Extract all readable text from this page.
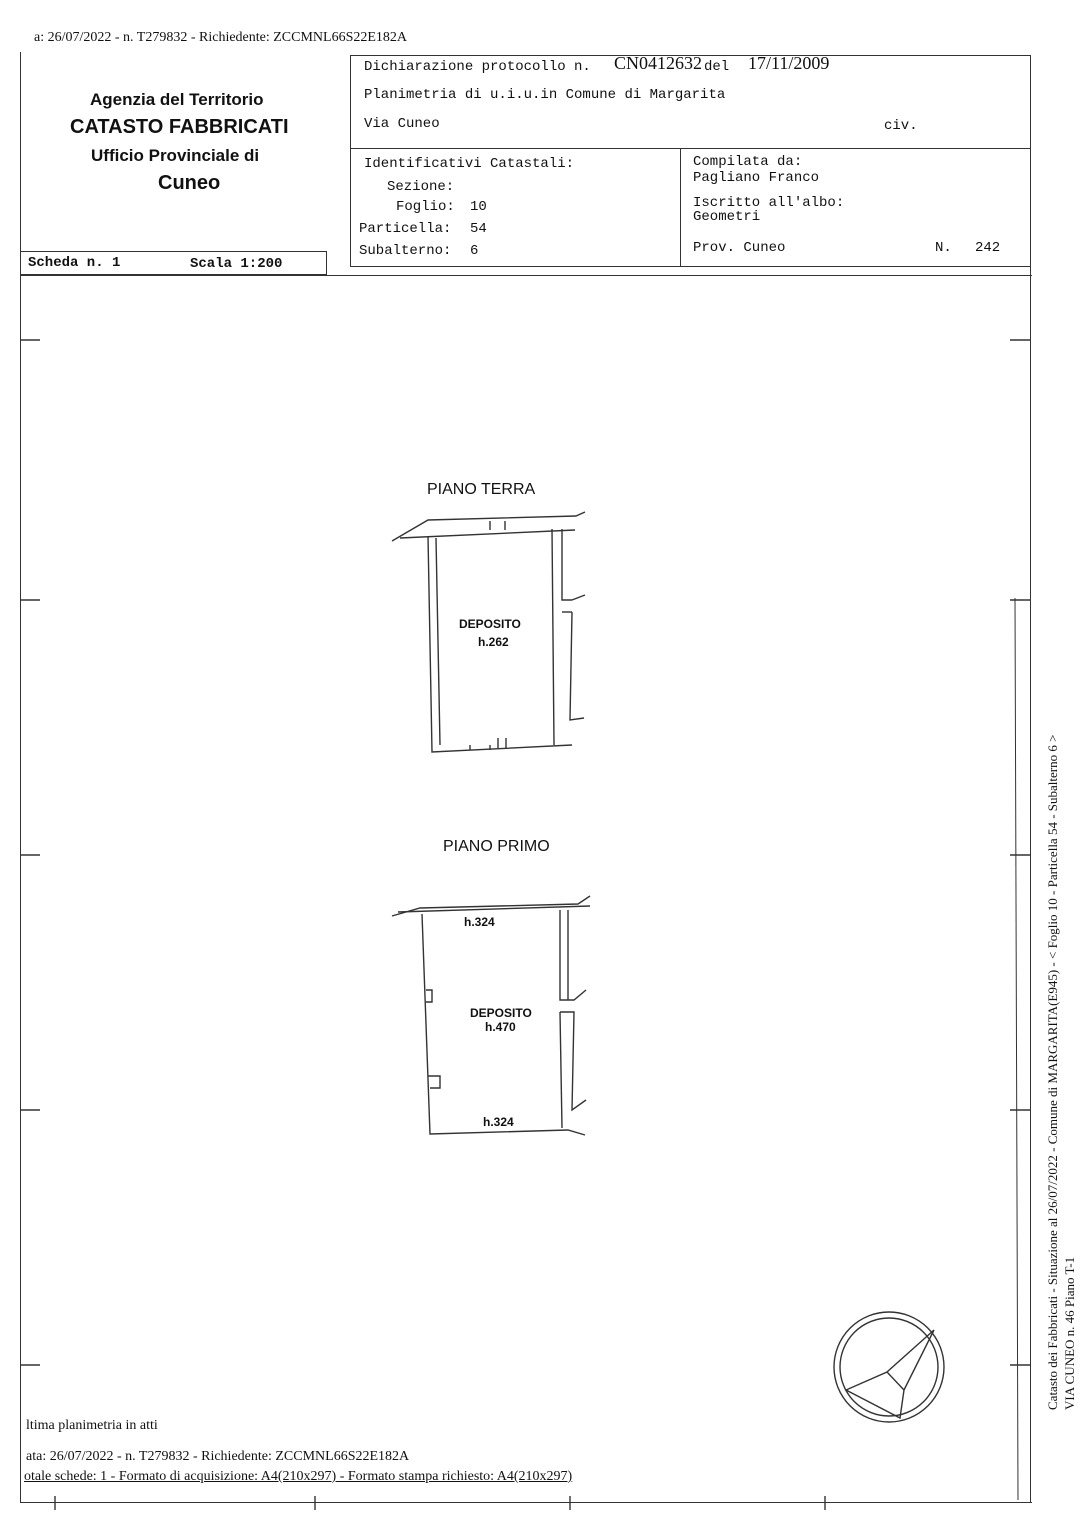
a: 26/07/2022 - n. T279832 - Richiedente: ZCCMNL66S22E182A
Agenzia del Territorio
CATASTO FABBRICATI
Ufficio Provinciale di
Cuneo
Scheda n. 1	Scala 1:200
Dichiarazione protocollo n. CN0412632 del 17/11/2009
Planimetria di u.i.u.in Comune di Margarita
Via Cuneo	civ.
Identificativi Catastali:
Sezione:
Foglio: 10
Particella: 54
Subalterno: 6
Compilata da:
Pagliano Franco
Iscritto all'albo:
Geometri
Prov. Cuneo	N. 242
PIANO TERRA
DEPOSITO
h.262
PIANO PRIMO
h.324
DEPOSITO
h.470
h.324	Catasto dei Fabbricati - Situazione al 26/07/2022 - Comune di MARGARITA(E945) - < Foglio 10 - Particella 54 - Subalterno 6 > VIA CUNEO n. 46 Piano T-1
ltima planimetria in atti
ata: 26/07/2022 - n. T279832 - Richiedente: ZCCMNL66S22E182A
otale schede: 1 - Formato di acquisizione: A4(210x297) - Formato stampa richiesto: A4(210x297)
